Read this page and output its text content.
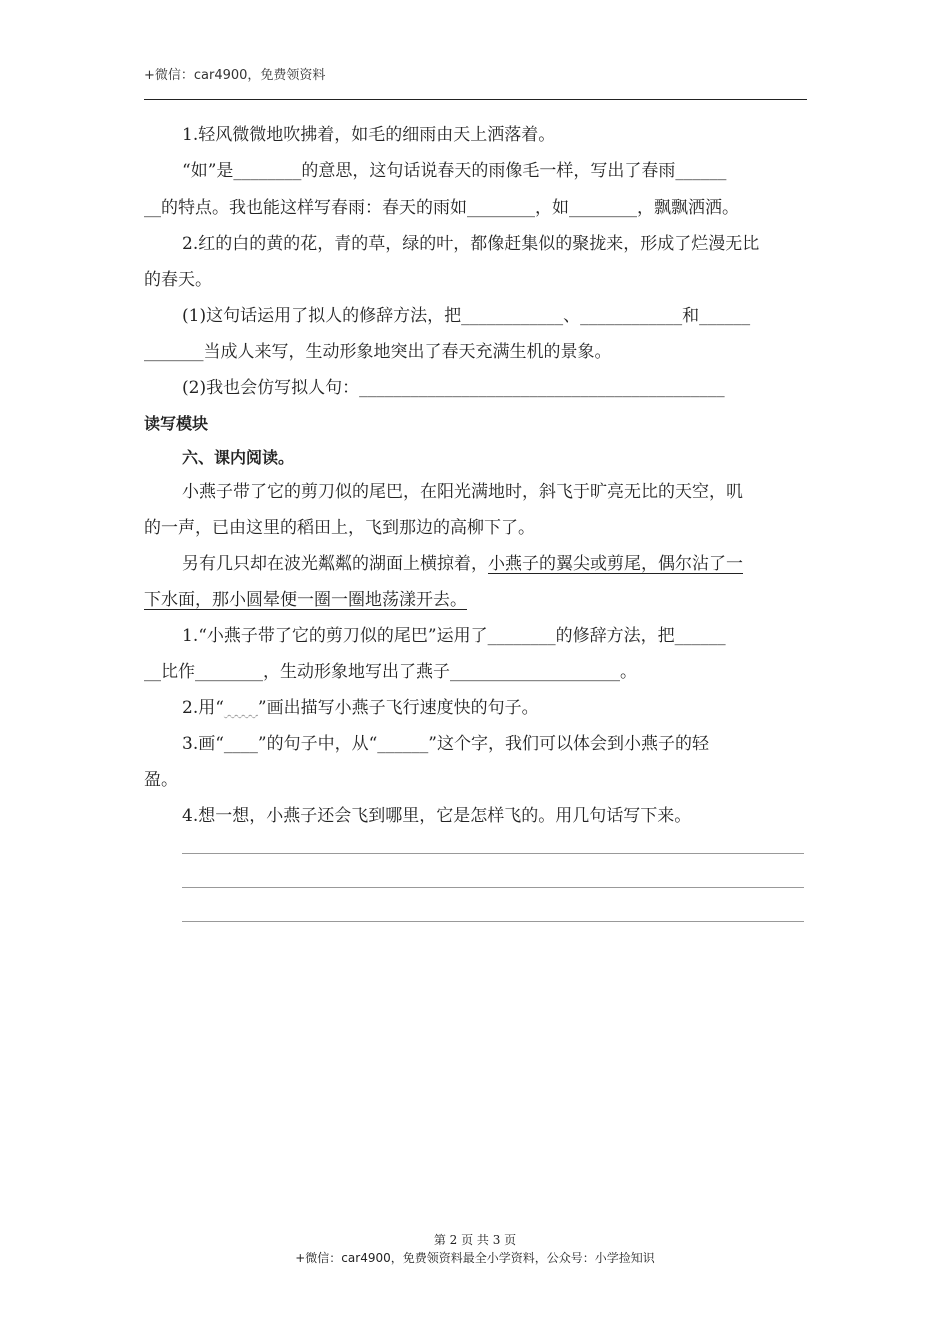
+微信：car4900，免费领资料
1.轻风微微地吹拂着，如毛的细雨由天上洒落着。
“如”是________的意思，这句话说春天的雨像毛一样，写出了春雨______
__的特点。我也能这样写春雨：春天的雨如________，如________，飘飘洒洒。
2.红的白的黄的花，青的草，绿的叶，都像赶集似的聚拢来，形成了烂漫无比
的春天。
(1)这句话运用了拟人的修辞方法，把____________、____________和______
_______当成人来写，生动形象地突出了春天充满生机的景象。
(2)我也会仿写拟人句：___________________________________________
读写模块
六、课内阅读。
小燕子带了它的剪刀似的尾巴，在阳光满地时，斜飞于旷亮无比的天空，叽
的一声，已由这里的稻田上，飞到那边的高柳下了。
另有几只却在波光粼粼的湖面上横掠着，小燕子的翼尖或剪尾，偶尔沾了一
下水面，那小圆晕便一圈一圈地荡漾开去。
1.“小燕子带了它的剪刀似的尾巴”运用了________的修辞方法，把______
__比作________，生动形象地写出了燕子____________________。
2.用“____”画出描写小燕子飞行速度快的句子。
3.画“____”的句子中，从“______”这个字，我们可以体会到小燕子的轻
盈。
4.想一想，小燕子还会飞到哪里，它是怎样飞的。用几句话写下来。
第 2 页 共 3 页
+微信：car4900，免费领资料最全小学资料，公众号：小学捡知识
